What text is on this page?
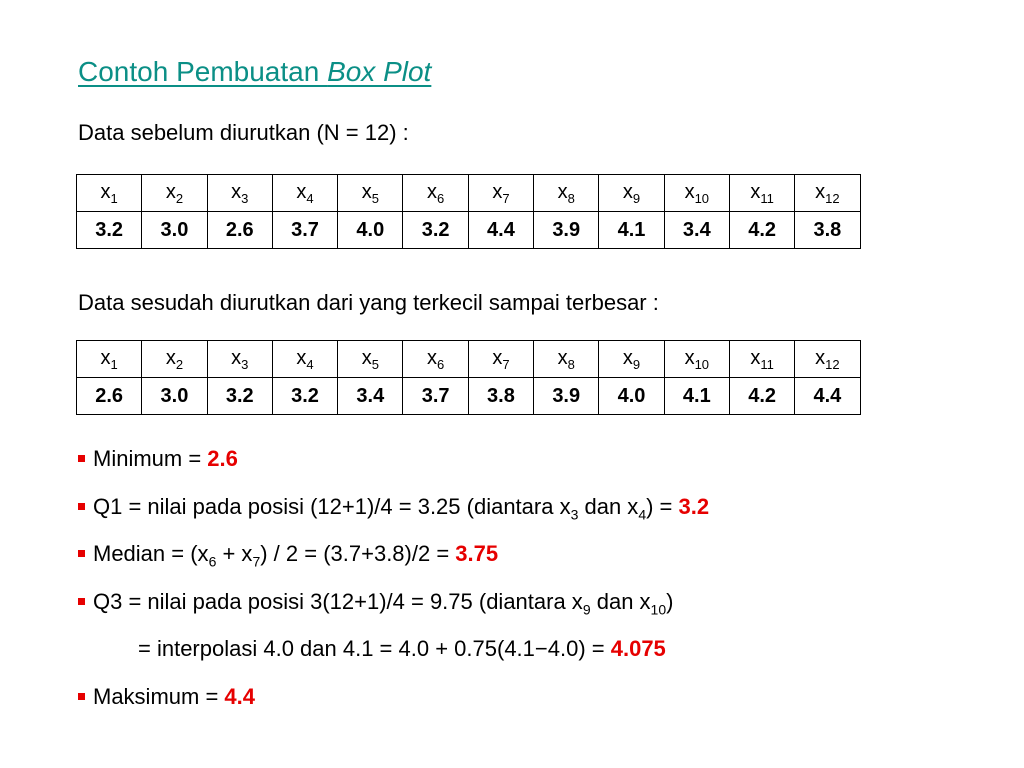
Contoh Pembuatan Box Plot
Data sebelum diurutkan (N = 12) :
$x_1$	$x_2$	$x_3$	$x_4$	$x_5$	$x_6$	$x_7$	$x_8$	$x_9$	$x_{10}$	$x_{11}$	$x_{12}$
3.2	3.0	2.6	3.7	4.0	3.2	4.4	3.9	4.1	3.4	4.2	3.8
Data sesudah diurutkan dari yang terkecil sampai terbesar :
$x_1$	$x_2$	$x_3$	$x_4$	$x_5$	$x_6$	$x_7$	$x_8$	$x_9$	$x_{10}$	$x_{11}$	$x_{12}$
2.6	3.0	3.2	3.2	3.4	3.7	3.8	3.9	4.0	4.1	4.2	4.4
Minimum = 2.6
Q1 = nilai pada posisi (12+1)/4 = 3.25 (diantara $x_3$ dan $x_4) = 3.2$
Median = $(x_6 + x_7) / 2 = (3.7+3.8)/2 = 3.75$
Q3 = nilai pada posisi 3(12+1)/4 = 9.75 (diantara $x_9$ dan $x_{10}$)
= interpolasi 4.0 dan 4.1 = 4.0 + 0.75(4.1−4.0) = 4.075
Maksimum = 4.4
